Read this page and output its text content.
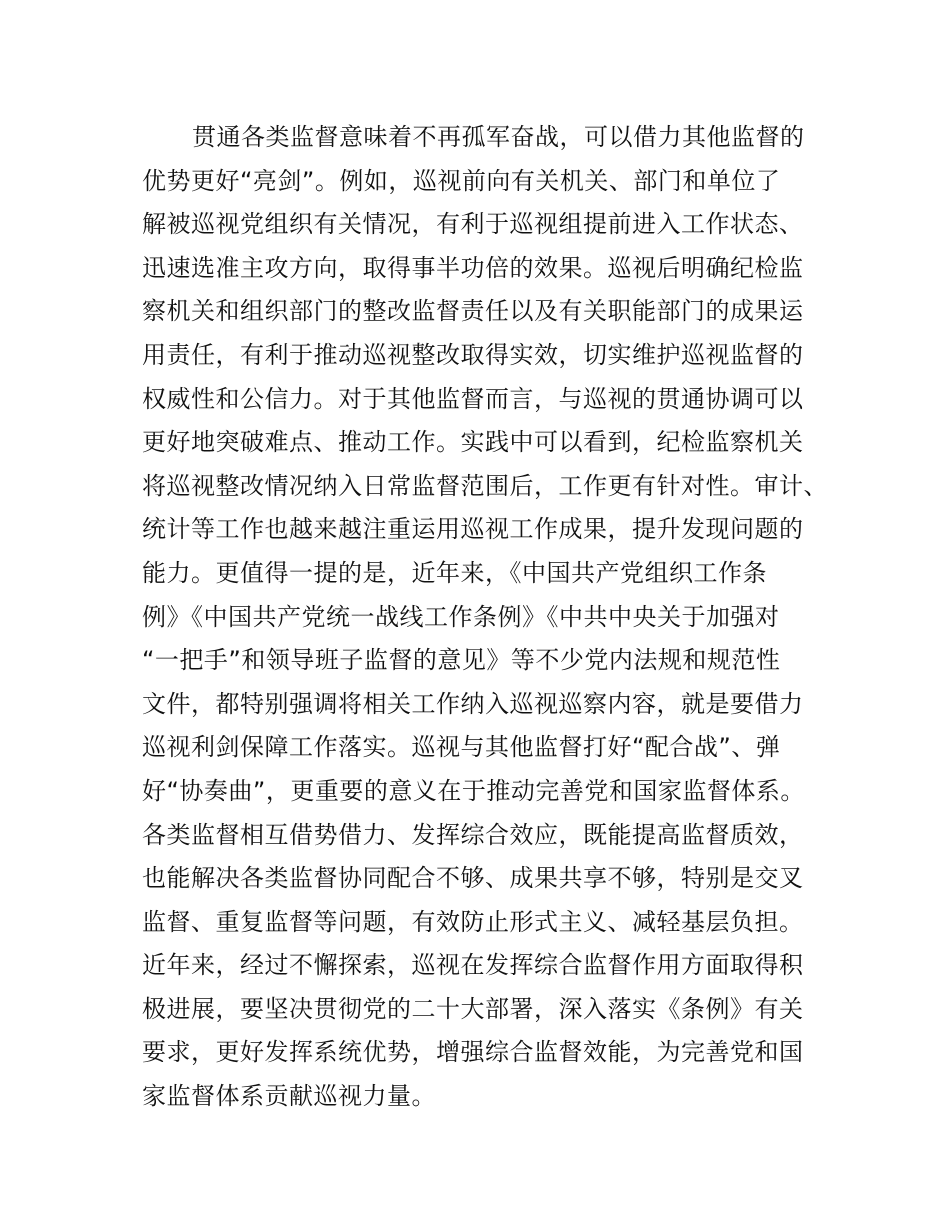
贯通各类监督意味着不再孤军奋战，可以借力其他监督的
优势更好“亮剑”。例如，巡视前向有关机关、部门和单位了
解被巡视党组织有关情况，有利于巡视组提前进入工作状态、
迅速选准主攻方向，取得事半功倍的效果。巡视后明确纪检监
察机关和组织部门的整改监督责任以及有关职能部门的成果运
用责任，有利于推动巡视整改取得实效，切实维护巡视监督的
权威性和公信力。对于其他监督而言，与巡视的贯通协调可以
更好地突破难点、推动工作。实践中可以看到，纪检监察机关
将巡视整改情况纳入日常监督范围后，工作更有针对性。审计、
统计等工作也越来越注重运用巡视工作成果，提升发现问题的
能力。更值得一提的是，近年来，《中国共产党组织工作条
例》《中国共产党统一战线工作条例》《中共中央关于加强对
“一把手”和领导班子监督的意见》等不少党内法规和规范性
文件，都特别强调将相关工作纳入巡视巡察内容，就是要借力
巡视利剑保障工作落实。巡视与其他监督打好“配合战”、弹
好“协奏曲”，更重要的意义在于推动完善党和国家监督体系。
各类监督相互借势借力、发挥综合效应，既能提高监督质效，
也能解决各类监督协同配合不够、成果共享不够，特别是交叉
监督、重复监督等问题，有效防止形式主义、减轻基层负担。
近年来，经过不懈探索，巡视在发挥综合监督作用方面取得积
极进展，要坚决贯彻党的二十大部署，深入落实《条例》有关
要求，更好发挥系统优势，增强综合监督效能，为完善党和国
家监督体系贡献巡视力量。
